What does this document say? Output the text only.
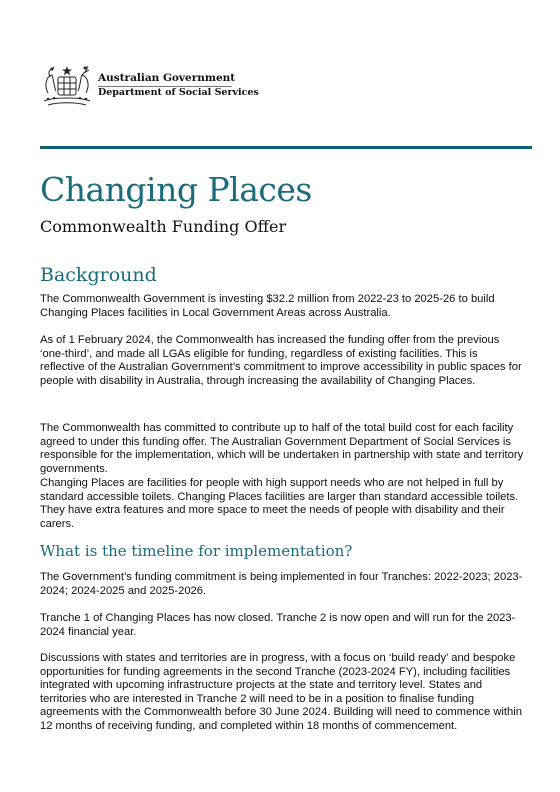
Australian Government
Department of Social Services
Changing Places
Commonwealth Funding Offer
Background

The Commonwealth Government is investing $32.2 million from 2022-23 to 2025-26 to build Changing Places facilities in Local Government Areas across Australia.

As of 1 February 2024, the Commonwealth has increased the funding offer from the previous ‘one-third’, and made all LGAs eligible for funding, regardless of existing facilities. This is reflective of the Australian Government’s commitment to improve accessibility in public spaces for people with disability in Australia, through increasing the availability of Changing Places.

The Commonwealth has committed to contribute up to half of the total build cost for each facility agreed to under this funding offer. The Australian Government Department of Social Services is responsible for the implementation, which will be undertaken in partnership with state and territory governments.

Changing Places are facilities for people with high support needs who are not helped in full by standard accessible toilets. Changing Places facilities are larger than standard accessible toilets. They have extra features and more space to meet the needs of people with disability and their carers.

What is the timeline for implementation?

The Government’s funding commitment is being implemented in four Tranches: 2022-2023; 2023-2024; 2024-2025 and 2025-2026.

Tranche 1 of Changing Places has now closed. Tranche 2 is now open and will run for the 2023-2024 financial year.

Discussions with states and territories are in progress, with a focus on ‘build ready’ and bespoke opportunities for funding agreements in the second Tranche (2023-2024 FY), including facilities integrated with upcoming infrastructure projects at the state and territory level. States and territories who are interested in Tranche 2 will need to be in a position to finalise funding agreements with the Commonwealth before 30 June 2024. Building will need to commence within 12 months of receiving funding, and completed within 18 months of commencement.
